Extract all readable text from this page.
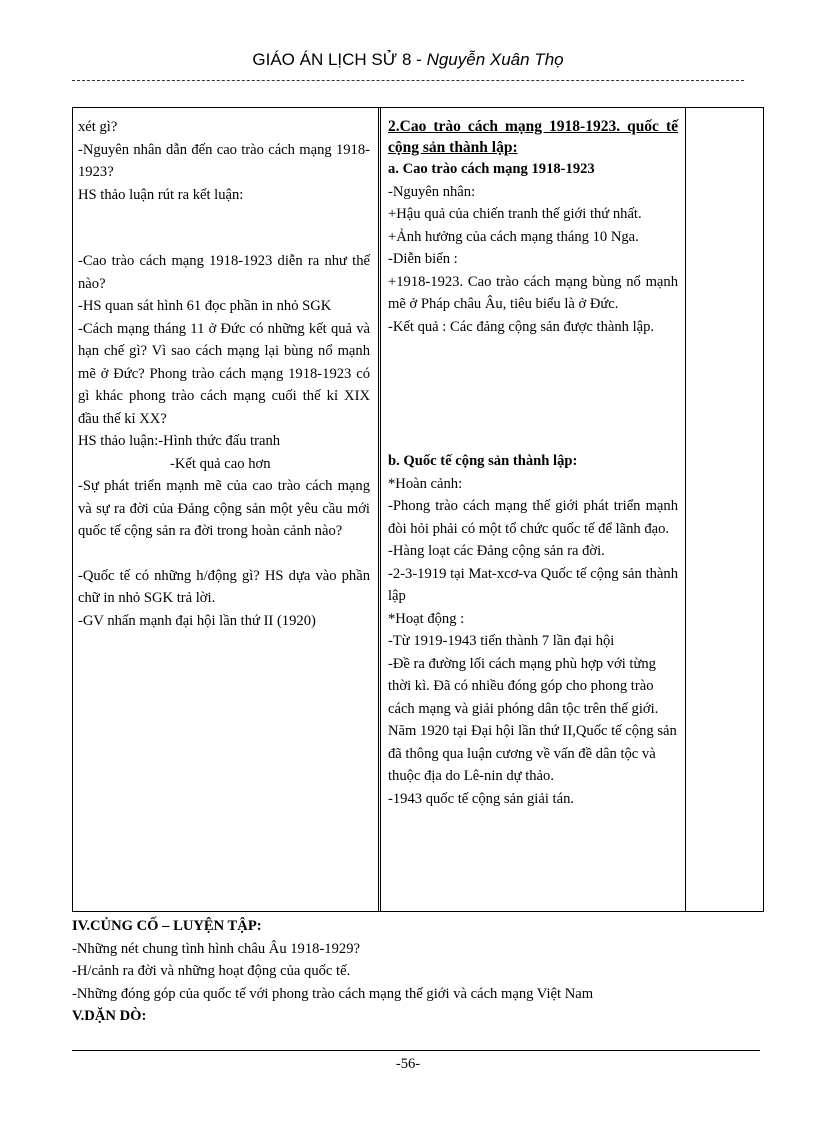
GIÁO ÁN LỊCH SỬ 8 - Nguyễn Xuân Thọ

xét gì?

-Nguyên nhân dẫn đến cao trào cách mạng 1918-1923?

HS thảo luận rút ra kết luận:

-Cao trào cách mạng 1918-1923 diễn ra như thế nào?

-HS quan sát hình 61 đọc phần in nhỏ SGK

-Cách mạng tháng 11 ở Đức có những kết quả và hạn chế gì? Vì sao cách mạng lại bùng nổ mạnh mẽ ở Đức? Phong trào cách mạng 1918-1923 có gì khác phong trào cách mạng cuối thế kỉ XIX đầu thế kỉ XX?

HS thảo luận:-Hình thức đấu tranh

-Kết quả cao hơn

-Sự phát triển mạnh mẽ của cao trào cách mạng và sự ra đời của Đảng cộng sản một yêu cầu mới quốc tế cộng sản ra đời trong hoàn cảnh nào?

-Quốc tế có những h/động gì? HS dựa vào phần chữ in nhỏ SGK trả lời.

-GV nhấn mạnh đại hội lần thứ II (1920)

2.Cao trào cách mạng 1918-1923. quốc tế cộng sản thành lập:

a. Cao trào cách mạng 1918-1923

-Nguyên nhân:

+Hậu quả của chiến tranh thế giới thứ nhất.

+Ảnh hưởng của cách mạng tháng 10 Nga.

-Diễn biến :

+1918-1923. Cao trào cách mạng bùng nổ mạnh mẽ ở Pháp châu Âu, tiêu biểu là ở Đức.

-Kết quả : Các đảng cộng sản được thành lập.

b. Quốc tế cộng sản thành lập:

*Hoàn cảnh:

-Phong trào cách mạng thế giới phát triển mạnh đòi hỏi phải có một tổ chức quốc tế để lãnh đạo.

-Hàng loạt các Đảng cộng sản ra đời.

-2-3-1919 tại Mat-xcơ-va Quốc tế cộng sản thành lập

*Hoạt động :

-Từ 1919-1943 tiến thành 7 lần đại hội

-Đề ra đường lối cách mạng phù hợp với từng thời kì. Đã có nhiều đóng góp cho phong trào cách mạng và giải phóng dân tộc trên thế giới.

Năm 1920 tại Đại hội lần thứ II,Quốc tế cộng sản đã thông qua luận cương về vấn đề dân tộc và thuộc địa do Lê-nin dự thảo.

-1943 quốc tế cộng sản giải tán.

IV.CỦNG CỐ – LUYỆN TẬP:

-Những nét chung tình hình châu Âu 1918-1929?

-H/cảnh ra đời và những hoạt động của quốc tế.

-Những đóng góp của quốc tế với phong trào cách mạng thế giới và cách mạng Việt Nam

V.DẶN DÒ:

-56-
